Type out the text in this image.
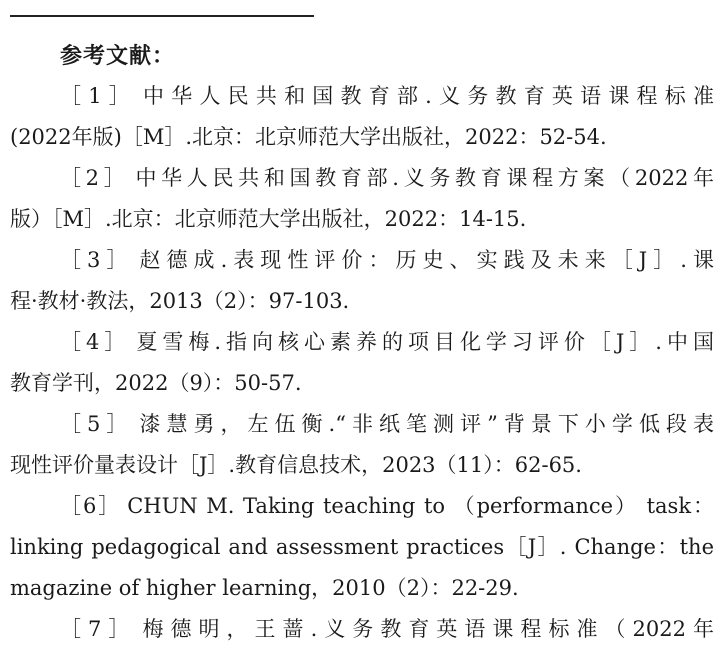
参考文献：
［1］ 中华人民共和国教育部.义务教育英语课程标准
(2022年版)［M］.北京：北京师范大学出版社，2022：52-54.
［2］ 中华人民共和国教育部.义务教育课程方案（2022年
版）［M］.北京：北京师范大学出版社，2022：14-15.
［3］ 赵德成.表现性评价：历史、实践及未来［J］.课
程·教材·教法，2013（2）：97-103.
［4］ 夏雪梅.指向核心素养的项目化学习评价［J］.中国
教育学刊，2022（9）：50-57.
［5］ 漆慧勇，左伍衡.“非纸笔测评”背景下小学低段表
现性评价量表设计［J］.教育信息技术，2023（11）：62-65.
［6］ CHUN M. Taking teaching to （performance） task：
linking pedagogical and assessment practices［J］. Change：the
magazine of higher learning，2010（2）：22-29.
［7］ 梅德明，王蔷.义务教育英语课程标准（2022年
